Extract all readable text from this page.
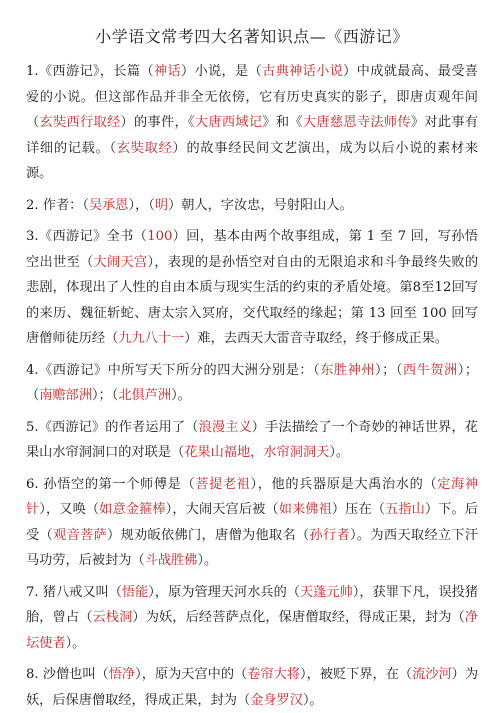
小学语文常考四大名著知识点—《西游记》

1.《西游记》，长篇（神话）小说，是（古典神话小说）中成就最高、最受喜爱的小说。但这部作品并非全无依傍，它有历史真实的影子，即唐贞观年间（玄奘西行取经）的事件，《大唐西域记》和《大唐慈恩寺法师传》对此事有详细的记载。（玄奘取经）的故事经民间文艺演出，成为以后小说的素材来源。

2. 作者：（吴承恩），（明）朝人，字汝忠，号射阳山人。

3.《西游记》全书（100）回，基本由两个故事组成，第 1 至 7 回，写孙悟空出世至（大闹天宫），表现的是孙悟空对自由的无限追求和斗争最终失败的悲剧，体现出了人性的自由本质与现实生活的约束的矛盾处境。第8至12回写的来历、魏征斩蛇、唐太宗入冥府，交代取经的缘起；第 13 回至 100 回写唐僧师徒历经（九九八十一）难，去西天大雷音寺取经，终于修成正果。

4.《西游记》中所写天下所分的四大洲分别是：（东胜神州）；（西牛贺洲）；（南赡部洲）；（北俱芦洲）。

5.《西游记》的作者运用了（浪漫主义）手法描绘了一个奇妙的神话世界，花果山水帘洞洞口的对联是（花果山福地，水帘洞洞天）。

6. 孙悟空的第一个师傅是（菩提老祖），他的兵器原是大禹治水的（定海神针），又唤（如意金箍棒），大闹天宫后被（如来佛祖）压在（五指山）下。后受（观音菩萨）规劝皈依佛门，唐僧为他取名（孙行者）。为西天取经立下汗马功劳，后被封为（斗战胜佛）。

7. 猪八戒又叫（悟能），原为管理天河水兵的（天蓬元帅），获罪下凡，误投猪胎，曾占（云栈洞）为妖，后经菩萨点化，保唐僧取经，得成正果，封为（净坛使者）。

8. 沙僧也叫（悟净），原为天宫中的（卷帘大将），被贬下界，在（流沙河）为妖，后保唐僧取经，得成正果，封为（金身罗汉）。
